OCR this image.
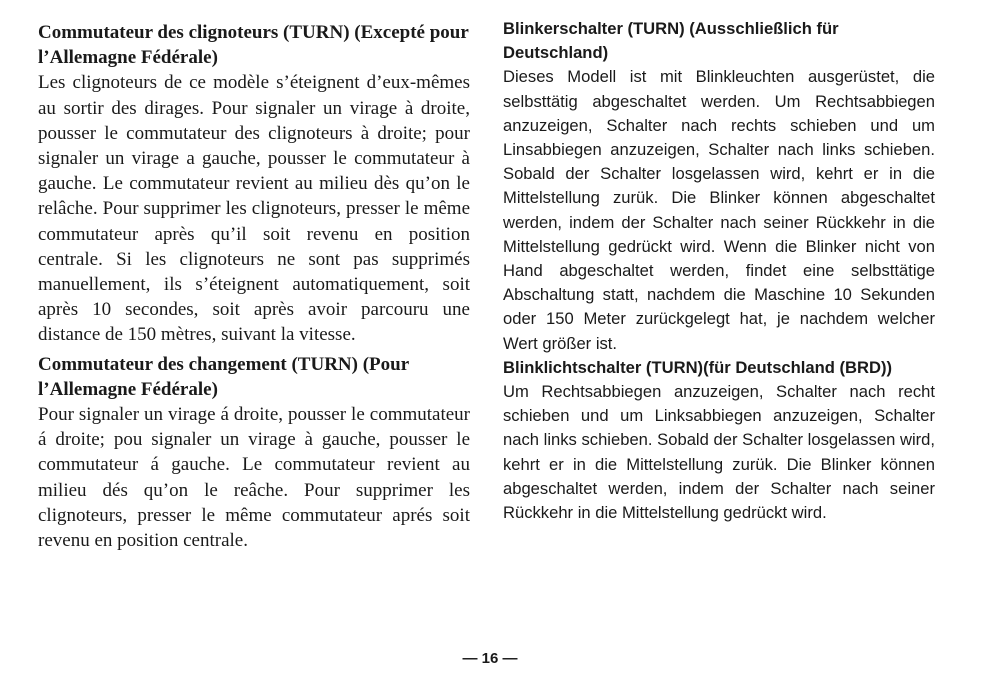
Commutateur des clignoteurs (TURN) (Excepté pour l’Allemagne Fédérale)

Les clignoteurs de ce modèle s’éteignent d’eux-mêmes au sortir des dirages. Pour signaler un virage à droite, pousser le commutateur des clignoteurs à droite; pour signaler un virage a gauche, pousser le commutateur à gauche. Le commutateur revient au milieu dès qu’on le relâche. Pour supprimer les clignoteurs, presser le même commutateur après qu’il soit revenu en position centrale. Si les clignoteurs ne sont pas supprimés manuellement, ils s’éteignent automatiquement, soit après 10 secondes, soit après avoir parcouru une distance de 150 mètres, suivant la vitesse.

Commutateur des changement (TURN) (Pour l’Allemagne Fédérale)

Pour signaler un virage á droite, pousser le commutateur á droite; pou signaler un virage à gauche, pousser le commutateur á gauche. Le commutateur revient au milieu dés qu’on le reâche. Pour supprimer les clignoteurs, presser le même commutateur aprés soit revenu en position centrale.

Blinkerschalter (TURN) (Ausschließlich für Deutschland)

Dieses Modell ist mit Blinkleuchten ausgerüstet, die selbsttätig abgeschaltet werden. Um Rechtsabbiegen anzuzeigen, Schalter nach rechts schieben und um Linsabbiegen anzuzeigen, Schalter nach links schieben. Sobald der Schalter losgelassen wird, kehrt er in die Mittelstellung zurük. Die Blinker können abgeschaltet werden, indem der Schalter nach seiner Rückkehr in die Mittelstellung gedrückt wird. Wenn die Blinker nicht von Hand abgeschaltet werden, findet eine selbsttätige Abschaltung statt, nachdem die Maschine 10 Sekunden oder 150 Meter zurückgelegt hat, je nachdem welcher Wert größer ist.

Blinklichtschalter (TURN)(für Deutschland (BRD))

Um Rechtsabbiegen anzuzeigen, Schalter nach recht schieben und um Linksabbiegen anzuzeigen, Schalter nach links schieben. Sobald der Schalter losgelassen wird, kehrt er in die Mittelstellung zurük. Die Blinker können abgeschaltet werden, indem der Schalter nach seiner Rückkehr in die Mittelstellung gedrückt wird.

— 16 —
